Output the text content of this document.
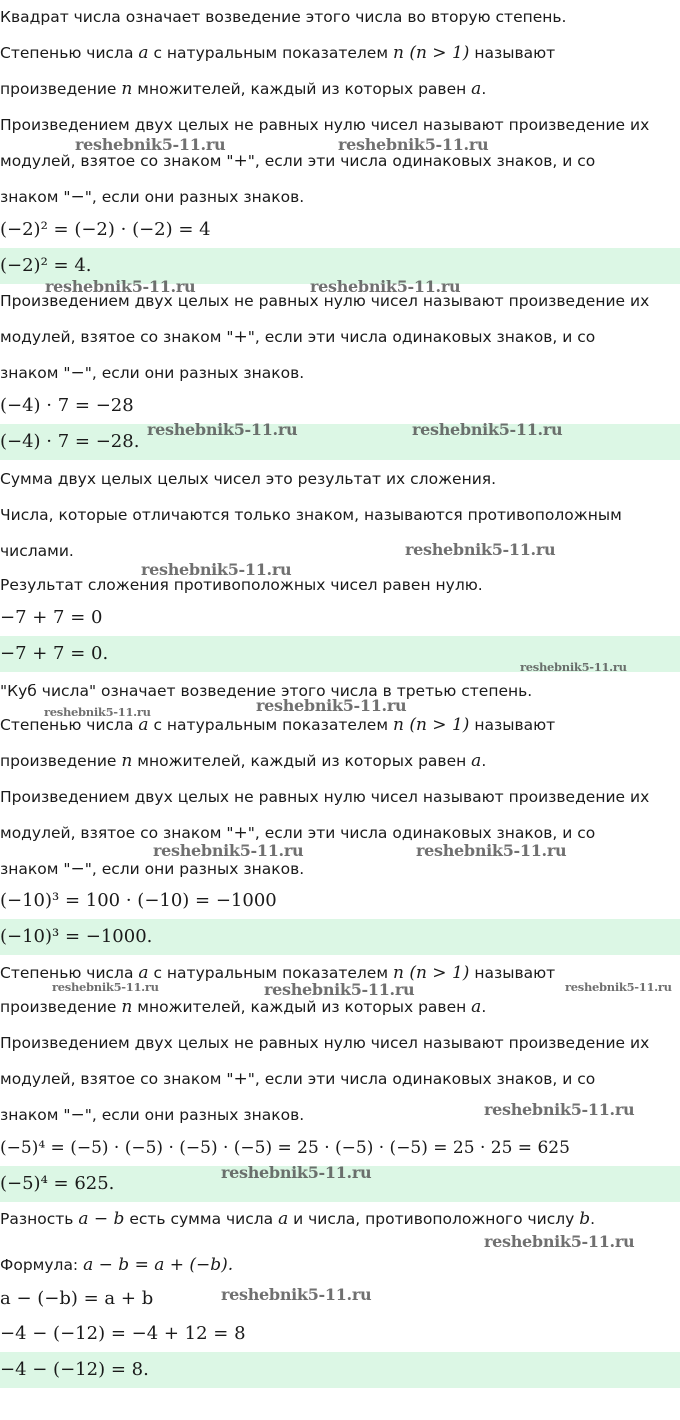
Квадрат числа означает возведение этого числа во вторую степень.
Степенью числа a с натуральным показателем n (n > 1) называют
произведение n множителей, каждый из которых равен a.
Произведением двух целых не равных нулю чисел называют произведение их
модулей, взятое со знаком "+", если эти числа одинаковых знаков, и со
знаком "−", если они разных знаков.
(−2)² = (−2) · (−2) = 4
(−2)² = 4.
Произведением двух целых не равных нулю чисел называют произведение их
модулей, взятое со знаком "+", если эти числа одинаковых знаков, и со
знаком "−", если они разных знаков.
(−4) · 7 = −28
(−4) · 7 = −28.
Сумма двух целых целых чисел это результат их сложения.
Числа, которые отличаются только знаком, называются противоположным
числами.
Результат сложения противоположных чисел равен нулю.
−7 + 7 = 0
−7 + 7 = 0.
"Куб числа" означает возведение этого числа в третью степень.
Степенью числа a с натуральным показателем n (n > 1) называют
произведение n множителей, каждый из которых равен a.
Произведением двух целых не равных нулю чисел называют произведение их
модулей, взятое со знаком "+", если эти числа одинаковых знаков, и со
знаком "−", если они разных знаков.
(−10)³ = 100 · (−10) = −1000
(−10)³ = −1000.
Степенью числа a с натуральным показателем n (n > 1) называют
произведение n множителей, каждый из которых равен a.
Произведением двух целых не равных нулю чисел называют произведение их
модулей, взятое со знаком "+", если эти числа одинаковых знаков, и со
знаком "−", если они разных знаков.
(−5)⁴ = (−5) · (−5) · (−5) · (−5) = 25 · (−5) · (−5) = 25 · 25 = 625
(−5)⁴ = 625.
Разность a − b есть сумма числа a и числа, противоположного числу b.
Формула: a − b = a + (−b).
a − (−b) = a + b
−4 − (−12) = −4 + 12 = 8
−4 − (−12) = 8.
reshebnik5-11.ru	reshebnik5-11.ru
reshebnik5-11.ru	reshebnik5-11.ru
reshebnik5-11.ru	reshebnik5-11.ru
reshebnik5-11.ru
reshebnik5-11.ru
reshebnik5-11.ru
reshebnik5-11.ru	reshebnik5-11.ru
reshebnik5-11.ru	reshebnik5-11.ru
reshebnik5-11.ru	reshebnik5-11.ru	reshebnik5-11.ru
reshebnik5-11.ru
reshebnik5-11.ru
reshebnik5-11.ru
reshebnik5-11.ru
